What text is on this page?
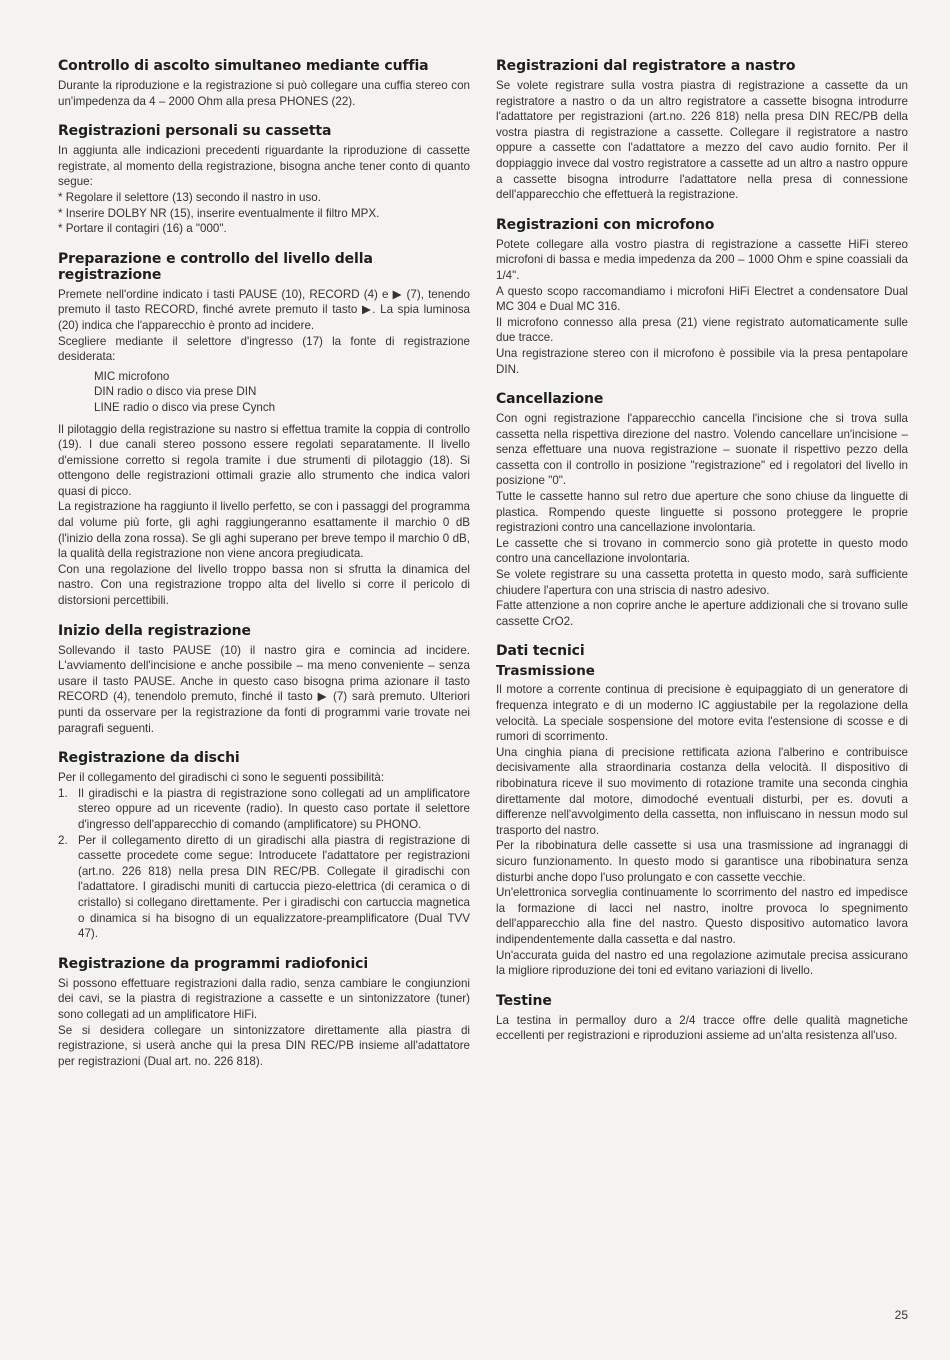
Controllo di ascolto simultaneo mediante cuffia

Durante la riproduzione e la registrazione si può collegare una cuffia stereo con un'impedenza da 4 – 2000 Ohm alla presa PHONES (22).

Registrazioni personali su cassetta

In aggiunta alle indicazioni precedenti riguardante la riproduzione di cassette registrate, al momento della registrazione, bisogna anche tener conto di quanto segue:

* Regolare il selettore (13) secondo il nastro in uso.

* Inserire DOLBY NR (15), inserire eventualmente il filtro MPX.

* Portare il contagiri (16) a "000".

Preparazione e controllo del livello della registrazione

Premete nell'ordine indicato i tasti PAUSE (10), RECORD (4) e ▶ (7), tenendo premuto il tasto RECORD, finché avrete premuto il tasto ▶. La spia luminosa (20) indica che l'apparecchio è pronto ad incidere.

Scegliere mediante il selettore d'ingresso (17) la fonte di registrazione desiderata:

MIC microfono

DIN radio o disco via prese DIN

LINE radio o disco via prese Cynch

Il pilotaggio della registrazione su nastro si effettua tramite la coppia di controllo (19). I due canali stereo possono essere regolati separatamente. Il livello d'emissione corretto si regola tramite i due strumenti di pilotaggio (18). Si ottengono delle registrazioni ottimali grazie allo strumento che indica valori quasi di picco.

La registrazione ha raggiunto il livello perfetto, se con i passaggi del programma dal volume più forte, gli aghi raggiungeranno esattamente il marchio 0 dB (l'inizio della zona rossa). Se gli aghi superano per breve tempo il marchio 0 dB, la qualità della registrazione non viene ancora pregiudicata.

Con una regolazione del livello troppo bassa non si sfrutta la dinamica del nastro. Con una registrazione troppo alta del livello si corre il pericolo di distorsioni percettibili.

Inizio della registrazione

Sollevando il tasto PAUSE (10) il nastro gira e comincia ad incidere. L'avviamento dell'incisione e anche possibile – ma meno conveniente – senza usare il tasto PAUSE. Anche in questo caso bisogna prima azionare il tasto RECORD (4), tenendolo premuto, finché il tasto ▶ (7) sarà premuto. Ulteriori punti da osservare per la registrazione da fonti di programmi varie trovate nei paragrafi seguenti.

Registrazione da dischi

Per il collegamento del giradischi ci sono le seguenti possibilità:

1. Il giradischi e la piastra di registrazione sono collegati ad un amplificatore stereo oppure ad un ricevente (radio). In questo caso portate il selettore d'ingresso dell'apparecchio di comando (amplificatore) su PHONO.
2. Per il collegamento diretto di un giradischi alla piastra di registrazione di cassette procedete come segue: Introducete l'adattatore per registrazioni (art.no. 226 818) nella presa DIN REC/PB. Collegate il giradischi con l'adattatore. I giradischi muniti di cartuccia piezo-elettrica (di ceramica o di cristallo) si collegano direttamente. Per i giradischi con cartuccia magnetica o dinamica si ha bisogno di un equalizzatore-preamplificatore (Dual TVV 47).
Registrazione da programmi radiofonici

Si possono effettuare registrazioni dalla radio, senza cambiare le congiunzioni dei cavi, se la piastra di registrazione a cassette e un sintonizzatore (tuner) sono collegati ad un amplificatore HiFi.

Se si desidera collegare un sintonizzatore direttamente alla piastra di registrazione, si userà anche qui la presa DIN REC/PB insieme all'adattatore per registrazioni (Dual art. no. 226 818).

Registrazioni dal registratore a nastro

Se volete registrare sulla vostra piastra di registrazione a cassette da un registratore a nastro o da un altro registratore a cassette bisogna introdurre l'adattatore per registrazioni (art.no. 226 818) nella presa DIN REC/PB della vostra piastra di registrazione a cassette. Collegare il registratore a nastro oppure a cassette con l'adattatore a mezzo del cavo audio fornito. Per il doppiaggio invece dal vostro registratore a cassette ad un altro a nastro oppure a cassette bisogna introdurre l'adattatore nella presa di connessione dell'apparecchio che effettuerà la registrazione.

Registrazioni con microfono

Potete collegare alla vostro piastra di registrazione a cassette HiFi stereo microfoni di bassa e media impedenza da 200 – 1000 Ohm e spine coassiali da 1/4".

A questo scopo raccomandiamo i microfoni HiFi Electret a condensatore Dual MC 304 e Dual MC 316.

Il microfono connesso alla presa (21) viene registrato automaticamente sulle due tracce.

Una registrazione stereo con il microfono è possibile via la presa pentapolare DIN.

Cancellazione

Con ogni registrazione l'apparecchio cancella l'incisione che si trova sulla cassetta nella rispettiva direzione del nastro. Volendo cancellare un'incisione – senza effettuare una nuova registrazione – suonate il rispettivo pezzo della cassetta con il controllo in posizione "registrazione" ed i regolatori del livello in posizione "0".

Tutte le cassette hanno sul retro due aperture che sono chiuse da linguette di plastica. Rompendo queste linguette si possono proteggere le proprie registrazioni contro una cancellazione involontaria.

Le cassette che si trovano in commercio sono già protette in questo modo contro una cancellazione involontaria.

Se volete registrare su una cassetta protetta in questo modo, sarà sufficiente chiudere l'apertura con una striscia di nastro adesivo.

Fatte attenzione a non coprire anche le aperture addizionali che si trovano sulle cassette CrO2.

Dati tecnici
Trasmissione

Il motore a corrente continua di precisione è equipaggiato di un generatore di frequenza integrato e di un moderno IC aggiustabile per la regolazione della velocità. La speciale sospensione del motore evita l'estensione di scosse e di rumori di scorrimento.

Una cinghia piana di precisione rettificata aziona l'alberino e contribuisce decisivamente alla straordinaria costanza della velocità. Il dispositivo di ribobinatura riceve il suo movimento di rotazione tramite una seconda cinghia direttamente dal motore, dimodoché eventuali disturbi, per es. dovuti a differenze nell'avvolgimento della cassetta, non influiscano in nessun modo sul trasporto del nastro.

Per la ribobinatura delle cassette si usa una trasmissione ad ingranaggi di sicuro funzionamento. In questo modo si garantisce una ribobinatura senza disturbi anche dopo l'uso prolungato e con cassette vecchie.

Un'elettronica sorveglia continuamente lo scorrimento del nastro ed impedisce la formazione di lacci nel nastro, inoltre provoca lo spegnimento dell'apparecchio alla fine del nastro. Questo dispositivo automatico lavora indipendentemente dalla cassetta e dal nastro.

Un'accurata guida del nastro ed una regolazione azimutale precisa assicurano la migliore riproduzione dei toni ed evitano variazioni di livello.

Testine

La testina in permalloy duro a 2/4 tracce offre delle qualità magnetiche eccellenti per registrazioni e riproduzioni assieme ad un'alta resistenza all'uso.

25
